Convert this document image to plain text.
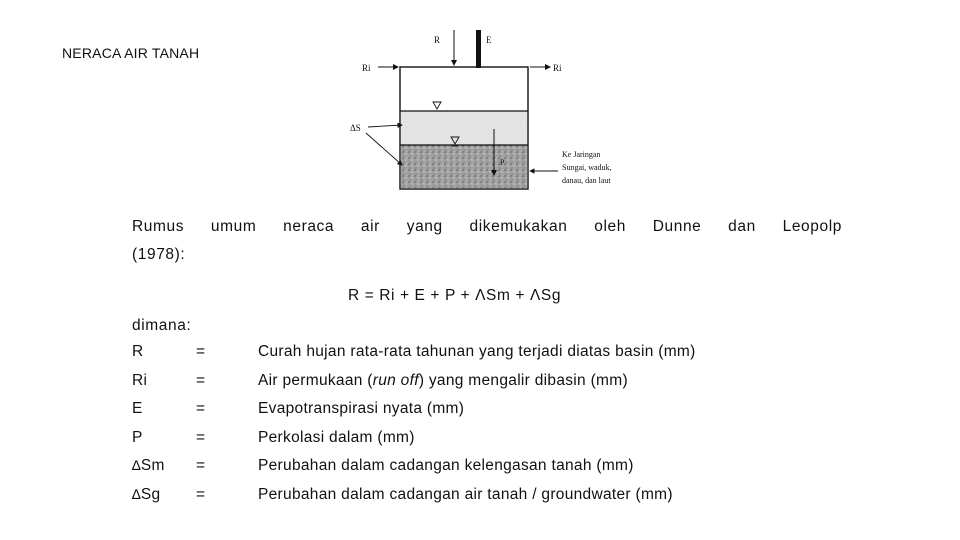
NERACA AIR TANAH
R	E
Ri	Ri
ΔS
P
Ke Jaringan
Sungai, waduk,
danau, dan laut
Rumus umum neraca air yang dikemukakan oleh Dunne dan Leopolp
(1978):
R = Ri + E + P + ΛSm + ΛSg
dimana:
R	=	Curah hujan rata-rata tahunan yang terjadi diatas basin (mm)
Ri	=	Air permukaan (run off) yang mengalir dibasin (mm)
E	=	Evapotranspirasi nyata (mm)
P	=	Perkolasi dalam (mm)
∆Sm =	Perubahan dalam cadangan kelengasan tanah (mm)
∆Sg =	Perubahan dalam cadangan air tanah / groundwater (mm)
